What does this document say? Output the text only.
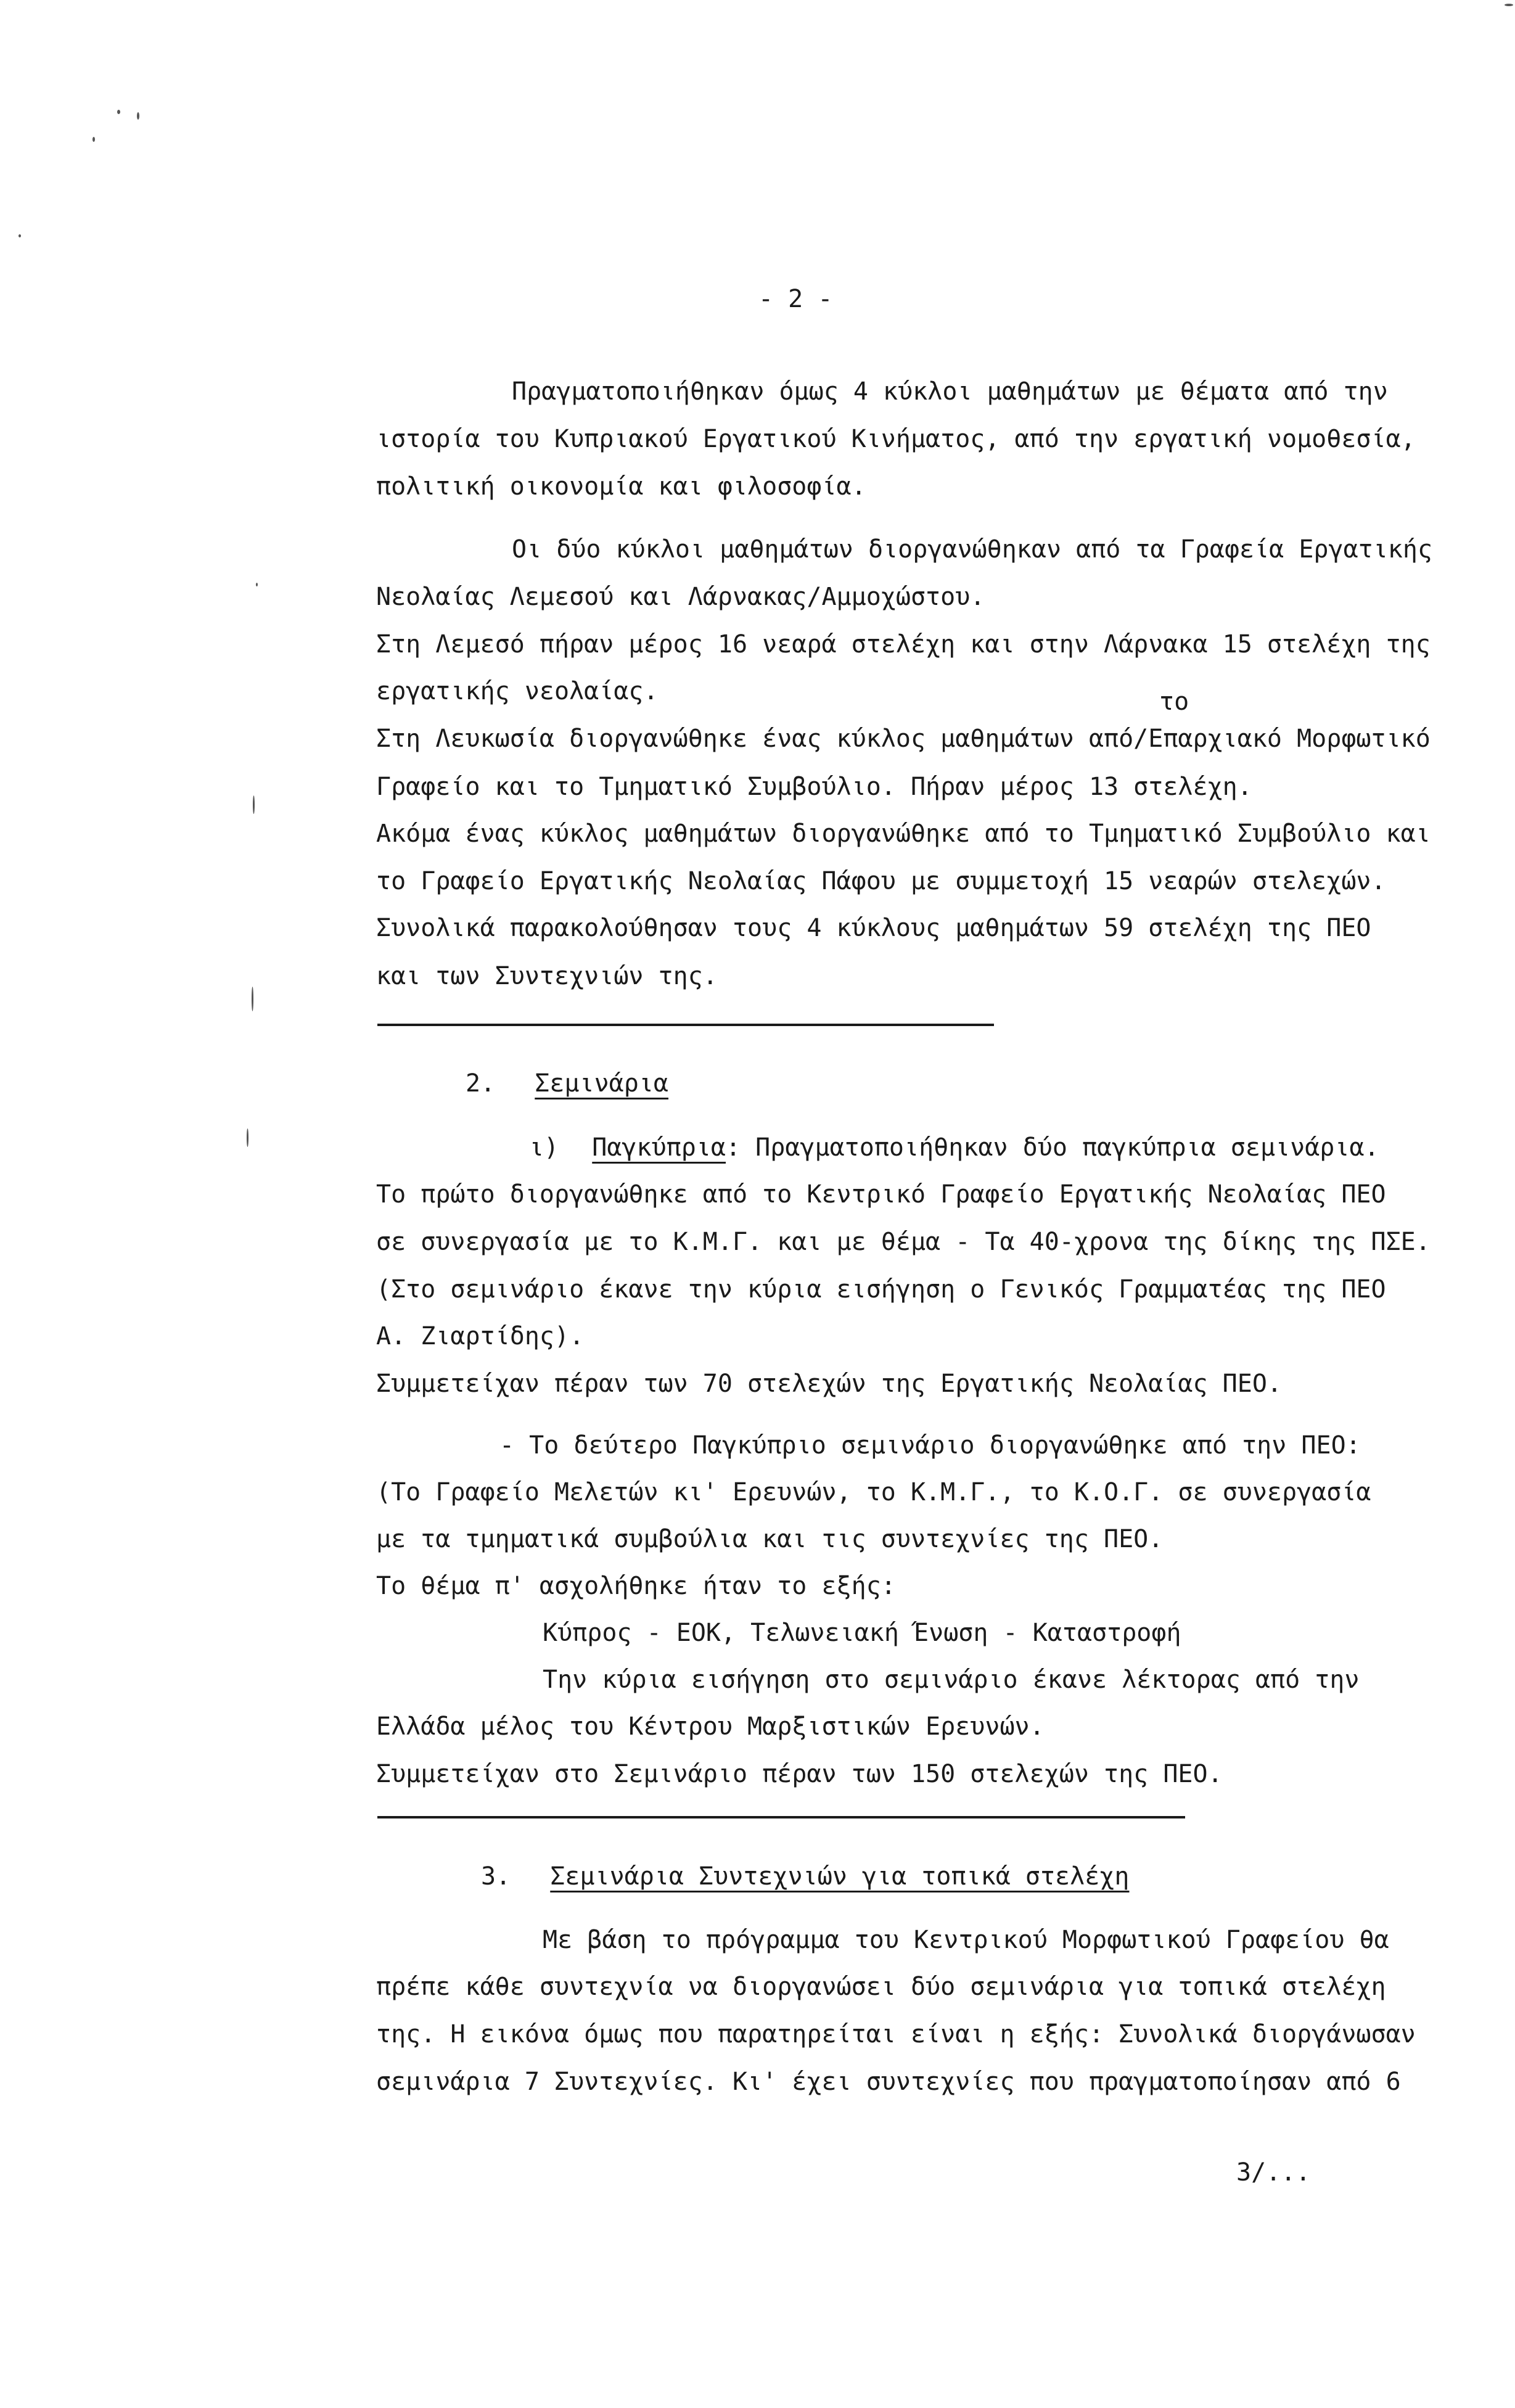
- 2 -
Πραγματοποιήθηκαν όμως 4 κύκλοι μαθημάτων με θέματα από την
ιστορία του Κυπριακού Εργατικού Κινήματος, από την εργατική νομοθεσία,
πολιτική οικονομία και φιλοσοφία.
Οι δύο κύκλοι μαθημάτων διοργανώθηκαν από τα Γραφεία Εργατικής
Νεολαίας Λεμεσού και Λάρνακας/Αμμοχώστου.
Στη Λεμεσό πήραν μέρος 16 νεαρά στελέχη και στην Λάρνακα 15 στελέχη της
εργατικής νεολαίας.	το
Στη Λευκωσία διοργανώθηκε ένας κύκλος μαθημάτων από/Επαρχιακό Μορφωτικό
Γραφείο και το Τμηματικό Συμβούλιο. Πήραν μέρος 13 στελέχη.
Ακόμα ένας κύκλος μαθημάτων διοργανώθηκε από το Τμηματικό Συμβούλιο και
το Γραφείο Εργατικής Νεολαίας Πάφου με συμμετοχή 15 νεαρών στελεχών.
Συνολικά παρακολούθησαν τους 4 κύκλους μαθημάτων 59 στελέχη της ΠΕΟ
και των Συντεχνιών της.
2. Σεμινάρια
ι) Παγκύπρια: Πραγματοποιήθηκαν δύο παγκύπρια σεμινάρια.
Το πρώτο διοργανώθηκε από το Κεντρικό Γραφείο Εργατικής Νεολαίας ΠΕΟ
σε συνεργασία με το Κ.Μ.Γ. και με θέμα - Τα 40-χρονα της δίκης της ΠΣΕ.
(Στο σεμινάριο έκανε την κύρια εισήγηση ο Γενικός Γραμματέας της ΠΕΟ
Α. Ζιαρτίδης).
Συμμετείχαν πέραν των 70 στελεχών της Εργατικής Νεολαίας ΠΕΟ.
- Το δεύτερο Παγκύπριο σεμινάριο διοργανώθηκε από την ΠΕΟ:
(Το Γραφείο Μελετών κι' Ερευνών, το Κ.Μ.Γ., το Κ.Ο.Γ. σε συνεργασία
με τα τμηματικά συμβούλια και τις συντεχνίες της ΠΕΟ.
Το θέμα π' ασχολήθηκε ήταν το εξής:
Κύπρος - ΕΟΚ, Τελωνειακή Ένωση - Καταστροφή
Την κύρια εισήγηση στο σεμινάριο έκανε λέκτορας από την
Ελλάδα μέλος του Κέντρου Μαρξιστικών Ερευνών.
Συμμετείχαν στο Σεμινάριο πέραν των 150 στελεχών της ΠΕΟ.
3. Σεμινάρια Συντεχνιών για τοπικά στελέχη
Με βάση το πρόγραμμα του Κεντρικού Μορφωτικού Γραφείου θα
πρέπε κάθε συντεχνία να διοργανώσει δύο σεμινάρια για τοπικά στελέχη
της. Η εικόνα όμως που παρατηρείται είναι η εξής: Συνολικά διοργάνωσαν
σεμινάρια 7 Συντεχνίες. Κι' έχει συντεχνίες που πραγματοποίησαν από 6
3/...
